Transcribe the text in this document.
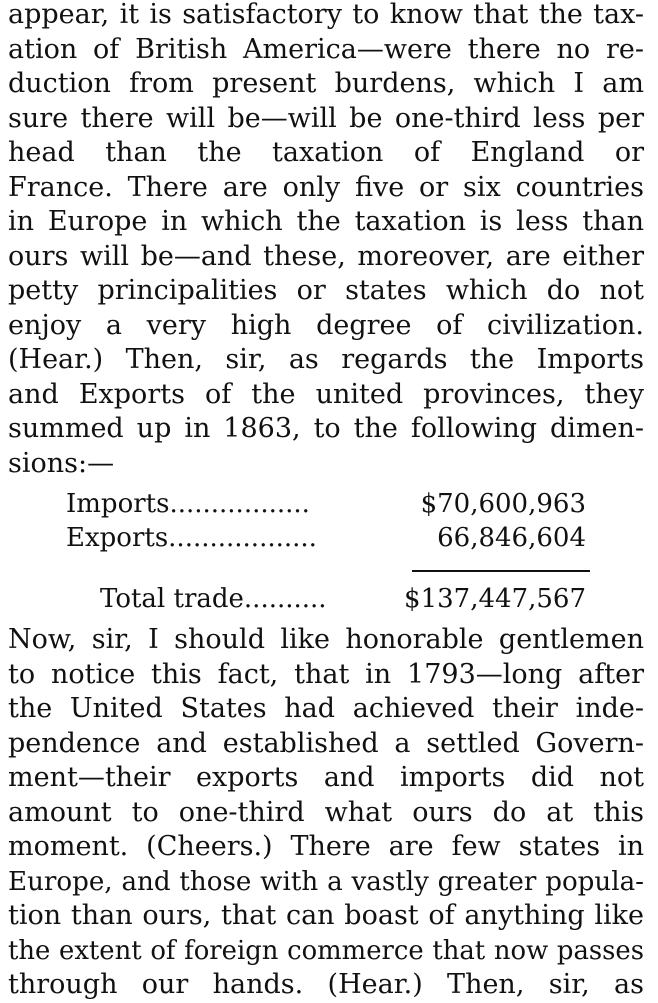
appear, it is satisfactory to know that the tax-
ation of British America—were there no re-
duction from present burdens, which I am
sure there will be—will be one-third less per
head than the taxation of England or
France. There are only five or six countries
in Europe in which the taxation is less than
ours will be—and these, moreover, are either
petty principalities or states which do not
enjoy a very high degree of civilization.
(Hear.) Then, sir, as regards the Imports
and Exports of the united provinces, they
summed up in 1863, to the following dimen-
sions:—
Imports.................	$70,600,963
Exports..................	66,846,604
Total trade..........	$137,447,567
Now, sir, I should like honorable gentlemen
to notice this fact, that in 1793—long after
the United States had achieved their inde-
pendence and established a settled Govern-
ment—their exports and imports did not
amount to one-third what ours do at this
moment. (Cheers.) There are few states in
Europe, and those with a vastly greater popula-
tion than ours, that can boast of anything like
the extent of foreign commerce that now passes
through our hands. (Hear.) Then, sir, as
